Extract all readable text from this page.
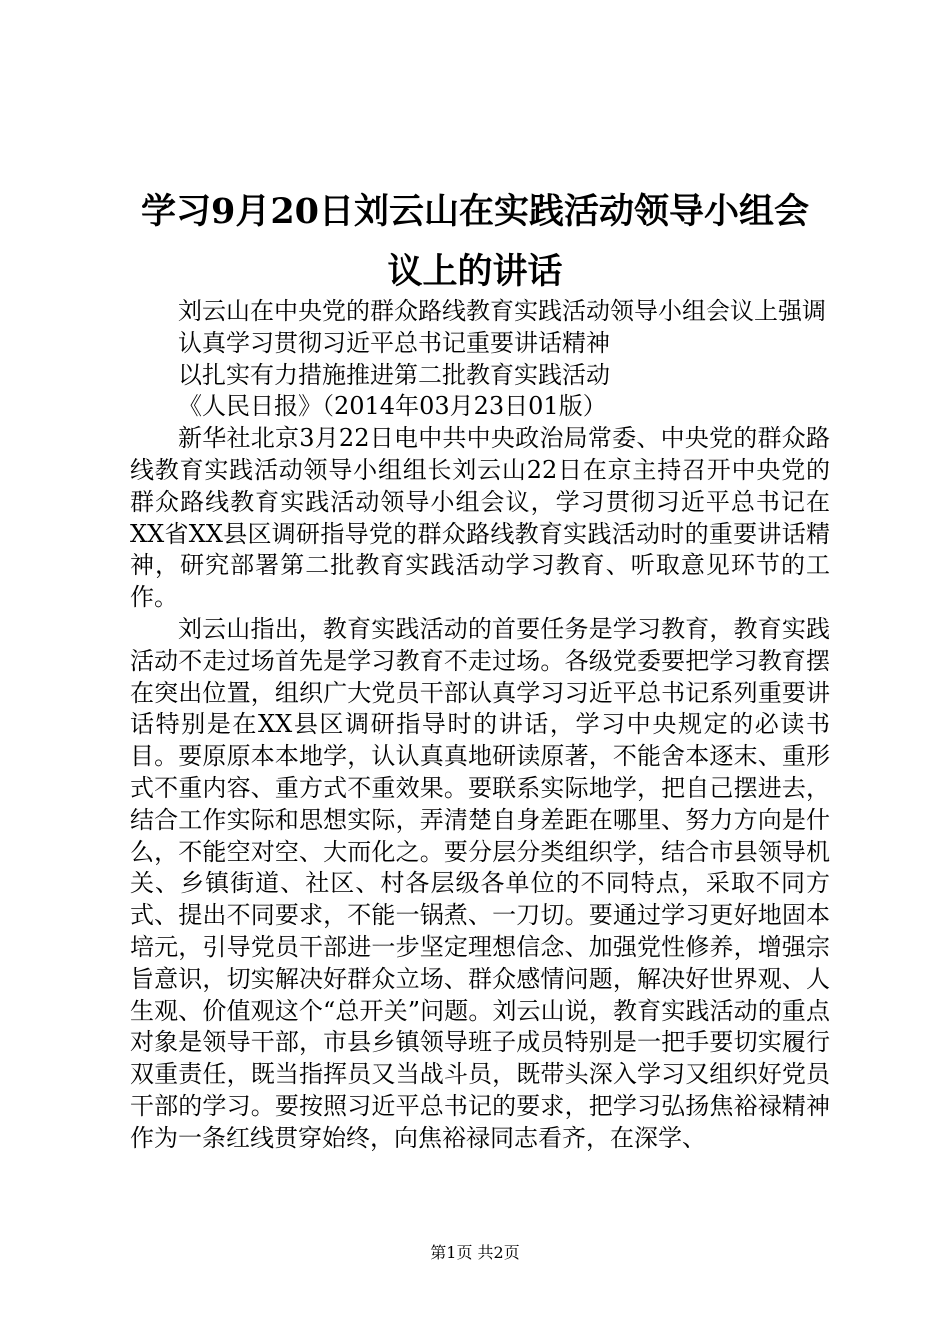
学习9月20日刘云山在实践活动领导小组会
议上的讲话

刘云山在中央党的群众路线教育实践活动领导小组会议上强调

认真学习贯彻习近平总书记重要讲话精神

以扎实有力措施推进第二批教育实践活动

《人民日报》（2014年03月23日01版）

新华社北京3月22日电中共中央政治局常委、中央党的群众路线教育实践活动领导小组组长刘云山22日在京主持召开中央党的群众路线教育实践活动领导小组会议，学习贯彻习近平总书记在XX省XX县区调研指导党的群众路线教育实践活动时的重要讲话精神，研究部署第二批教育实践活动学习教育、听取意见环节的工作。

刘云山指出，教育实践活动的首要任务是学习教育，教育实践活动不走过场首先是学习教育不走过场。各级党委要把学习教育摆在突出位置，组织广大党员干部认真学习习近平总书记系列重要讲话特别是在XX县区调研指导时的讲话，学习中央规定的必读书目。要原原本本地学，认认真真地研读原著，不能舍本逐末、重形式不重内容、重方式不重效果。要联系实际地学，把自己摆进去，结合工作实际和思想实际，弄清楚自身差距在哪里、努力方向是什么，不能空对空、大而化之。要分层分类组织学，结合市县领导机关、乡镇街道、社区、村各层级各单位的不同特点，采取不同方式、提出不同要求，不能一锅煮、一刀切。要通过学习更好地固本培元，引导党员干部进一步坚定理想信念、加强党性修养，增强宗旨意识，切实解决好群众立场、群众感情问题，解决好世界观、人生观、价值观这个“总开关”问题。刘云山说，教育实践活动的重点对象是领导干部，市县乡镇领导班子成员特别是一把手要切实履行双重责任，既当指挥员又当战斗员，既带头深入学习又组织好党员干部的学习。要按照习近平总书记的要求，把学习弘扬焦裕禄精神作为一条红线贯穿始终，向焦裕禄同志看齐，在深学、

第1页 共2页
